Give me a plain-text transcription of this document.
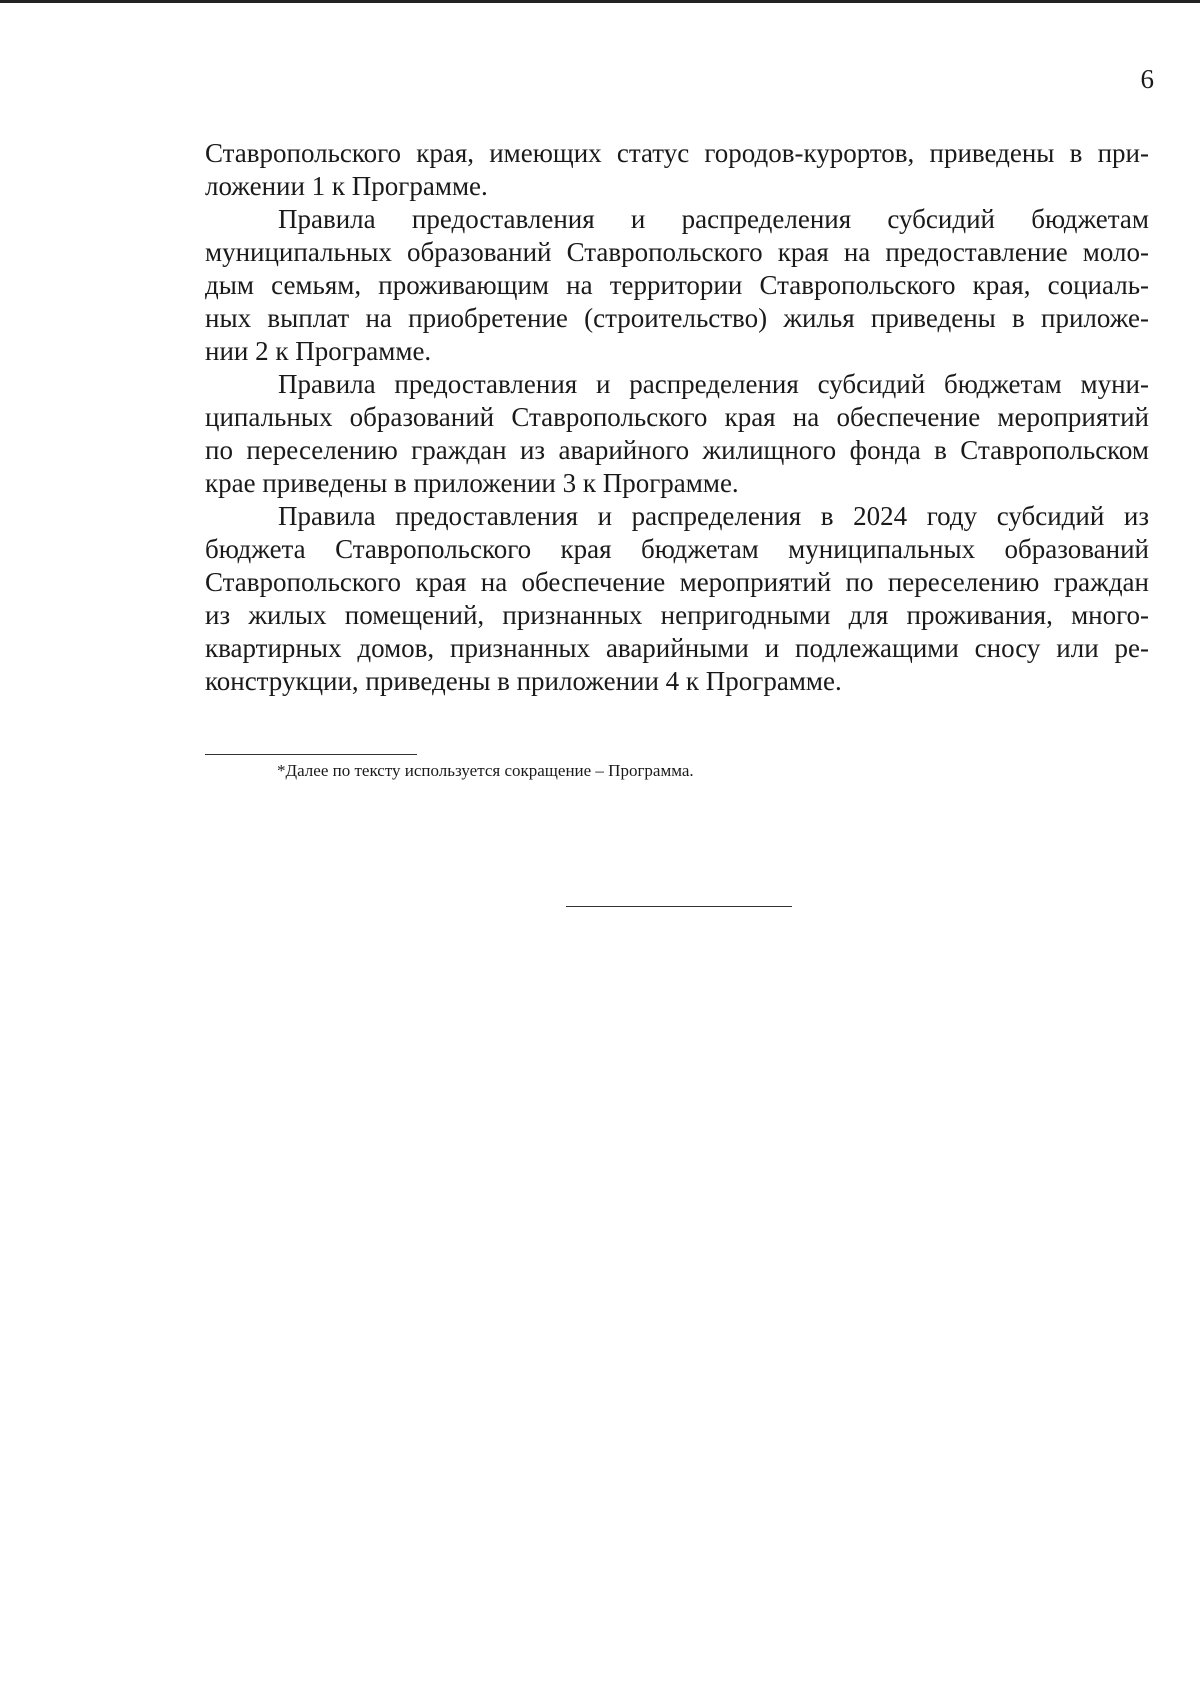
6
Ставропольского края, имеющих статус городов-курортов, приведены в при-
ложении 1 к Программе.
Правила предоставления и распределения субсидий бюджетам
муниципальных образований Ставропольского края на предоставление моло-
дым семьям, проживающим на территории Ставропольского края, социаль-
ных выплат на приобретение (строительство) жилья приведены в приложе-
нии 2 к Программе.
Правила предоставления и распределения субсидий бюджетам муни-
ципальных образований Ставропольского края на обеспечение мероприятий
по переселению граждан из аварийного жилищного фонда в Ставропольском
крае приведены в приложении 3 к Программе.
Правила предоставления и распределения в 2024 году субсидий из
бюджета Ставропольского края бюджетам муниципальных образований
Ставропольского края на обеспечение мероприятий по переселению граждан
из жилых помещений, признанных непригодными для проживания, много-
квартирных домов, признанных аварийными и подлежащими сносу или ре-
конструкции, приведены в приложении 4 к Программе.
*Далее по тексту используется сокращение – Программа.
